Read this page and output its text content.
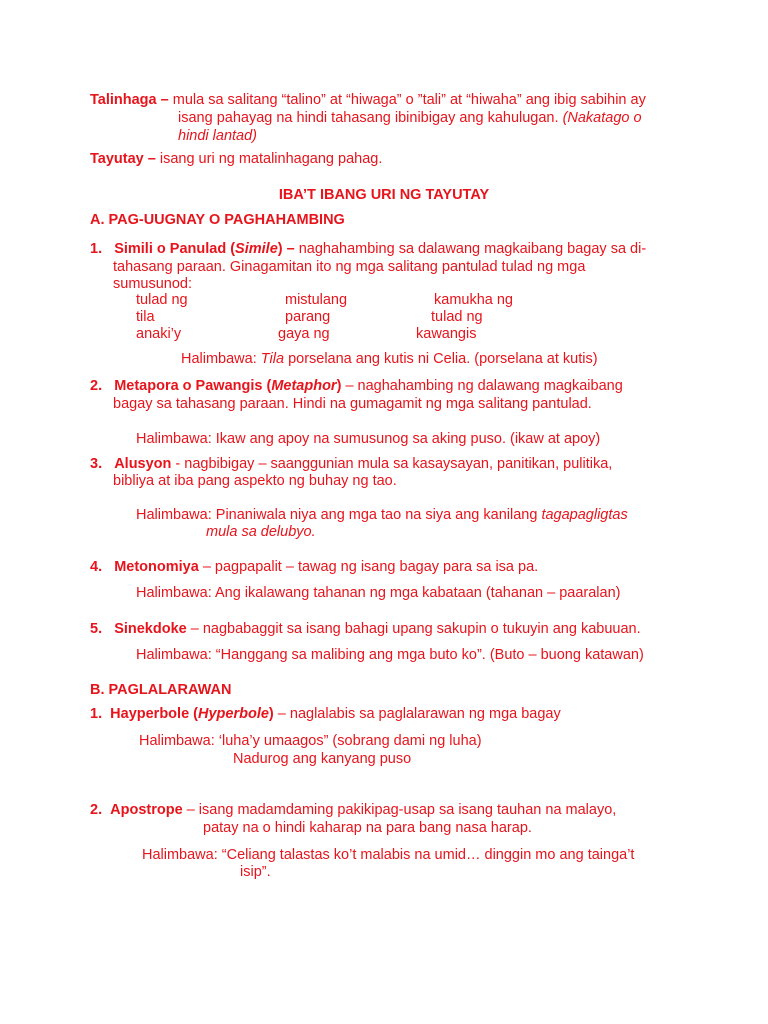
Talinhaga – mula sa salitang “talino” at “hiwaga” o ”tali” at “hiwaha” ang ibig sabihin ay
isang pahayag na hindi tahasang ibinibigay ang kahulugan. (Nakatago o
hindi lantad)
Tayutay – isang uri ng matalinhagang pahag.
IBA’T IBANG URI NG TAYUTAY
A. PAG-UUGNAY O PAGHAHAMBING
1. Simili o Panulad (Simile) – naghahambing sa dalawang magkaibang bagay sa di-
tahasang paraan. Ginagamitan ito ng mga salitang pantulad tulad ng mga
sumusunod:
tulad ng	mistulang	kamukha ng
tila	parang	tulad ng
anaki’y	gaya ng	kawangis
Halimbawa: Tila porselana ang kutis ni Celia. (porselana at kutis)
2. Metapora o Pawangis (Metaphor) – naghahambing ng dalawang magkaibang
bagay sa tahasang paraan. Hindi na gumagamit ng mga salitang pantulad.
Halimbawa: Ikaw ang apoy na sumusunog sa aking puso. (ikaw at apoy)
3. Alusyon - nagbibigay – saanggunian mula sa kasaysayan, panitikan, pulitika,
bibliya at iba pang aspekto ng buhay ng tao.
Halimbawa: Pinaniwala niya ang mga tao na siya ang kanilang tagapagligtas
mula sa delubyo.
4. Metonomiya – pagpapalit – tawag ng isang bagay para sa isa pa.
Halimbawa: Ang ikalawang tahanan ng mga kabataan (tahanan – paaralan)
5. Sinekdoke – nagbabaggit sa isang bahagi upang sakupin o tukuyin ang kabuuan.
Halimbawa: “Hanggang sa malibing ang mga buto ko”. (Buto – buong katawan)
B. PAGLALARAWAN
1. Hayperbole (Hyperbole) – naglalabis sa paglalarawan ng mga bagay
Halimbawa: ‘luha’y umaagos” (sobrang dami ng luha)
Nadurog ang kanyang puso
2. Apostrope – isang madamdaming pakikipag-usap sa isang tauhan na malayo,
patay na o hindi kaharap na para bang nasa harap.
Halimbawa: “Celiang talastas ko’t malabis na umid… dinggin mo ang tainga’t
isip”.
